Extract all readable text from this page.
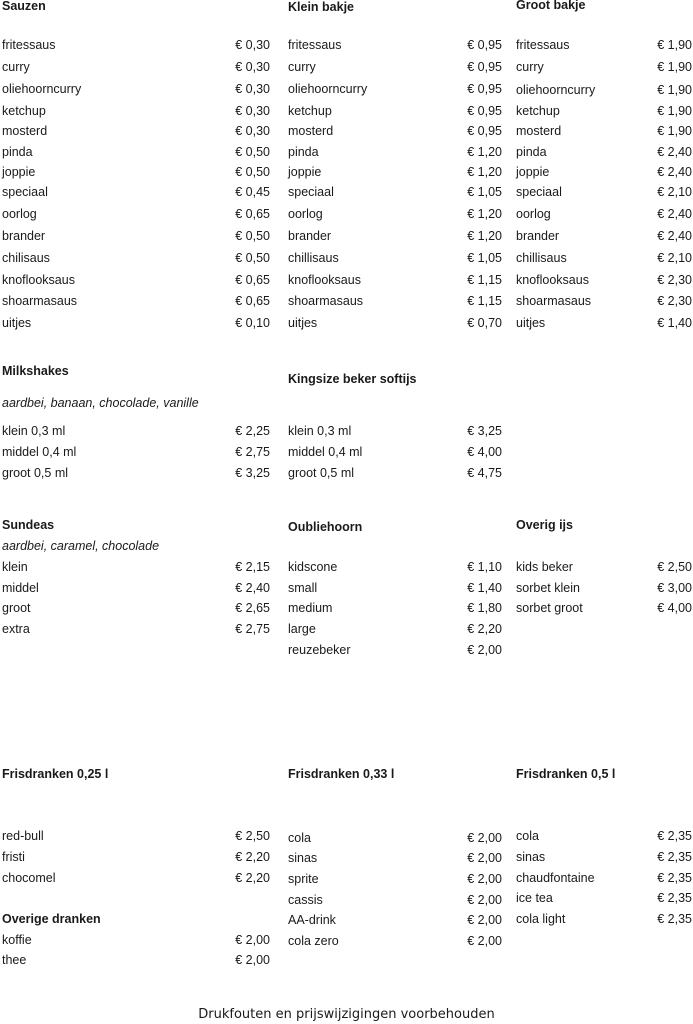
Sauzen
fritessaus	€ 0,30
curry	€ 0,30
oliehoorncurry	€ 0,30
ketchup	€ 0,30
mosterd	€ 0,30
pinda	€ 0,50
joppie	€ 0,50
speciaal	€ 0,45
oorlog	€ 0,65
brander	€ 0,50
chilisaus	€ 0,50
knoflooksaus	€ 0,65
shoarmasaus	€ 0,65
uitjes	€ 0,10
Klein bakje
fritessaus	€ 0,95
curry	€ 0,95
oliehoorncurry	€ 0,95
ketchup	€ 0,95
mosterd	€ 0,95
pinda	€ 1,20
joppie	€ 1,20
speciaal	€ 1,05
oorlog	€ 1,20
brander	€ 1,20
chillisaus	€ 1,05
knoflooksaus	€ 1,15
shoarmasaus	€ 1,15
uitjes	€ 0,70
Groot bakje
fritessaus	€ 1,90
curry	€ 1,90
oliehoorncurry	€ 1,90
ketchup	€ 1,90
mosterd	€ 1,90
pinda	€ 2,40
joppie	€ 2,40
speciaal	€ 2,10
oorlog	€ 2,40
brander	€ 2,40
chillisaus	€ 2,10
knoflooksaus	€ 2,30
shoarmasaus	€ 2,30
uitjes	€ 1,40
Milkshakes
aardbei, banaan, chocolade, vanille
klein 0,3 ml	€ 2,25
middel 0,4 ml	€ 2,75
groot 0,5 ml	€ 3,25
Kingsize beker softijs
klein 0,3 ml	€ 3,25
middel 0,4 ml	€ 4,00
groot 0,5 ml	€ 4,75
Sundeas
aardbei, caramel, chocolade
klein	€ 2,15
middel	€ 2,40
groot	€ 2,65
extra	€ 2,75
Oubliehoorn
kidscone	€ 1,10
small	€ 1,40
medium	€ 1,80
large	€ 2,20
reuzebeker	€ 2,00
Overig ijs
kids beker	€ 2,50
sorbet klein	€ 3,00
sorbet groot	€ 4,00
Frisdranken 0,25 l
red-bull	€ 2,50
fristi	€ 2,20
chocomel	€ 2,20
Overige dranken
koffie	€ 2,00
thee	€ 2,00
Frisdranken 0,33 l
cola	€ 2,00
sinas	€ 2,00
sprite	€ 2,00
cassis	€ 2,00
AA-drink	€ 2,00
cola zero	€ 2,00
Frisdranken 0,5 l
cola	€ 2,35
sinas	€ 2,35
chaudfontaine	€ 2,35
ice tea	€ 2,35
cola light	€ 2,35
Drukfouten en prijswijzigingen voorbehouden
